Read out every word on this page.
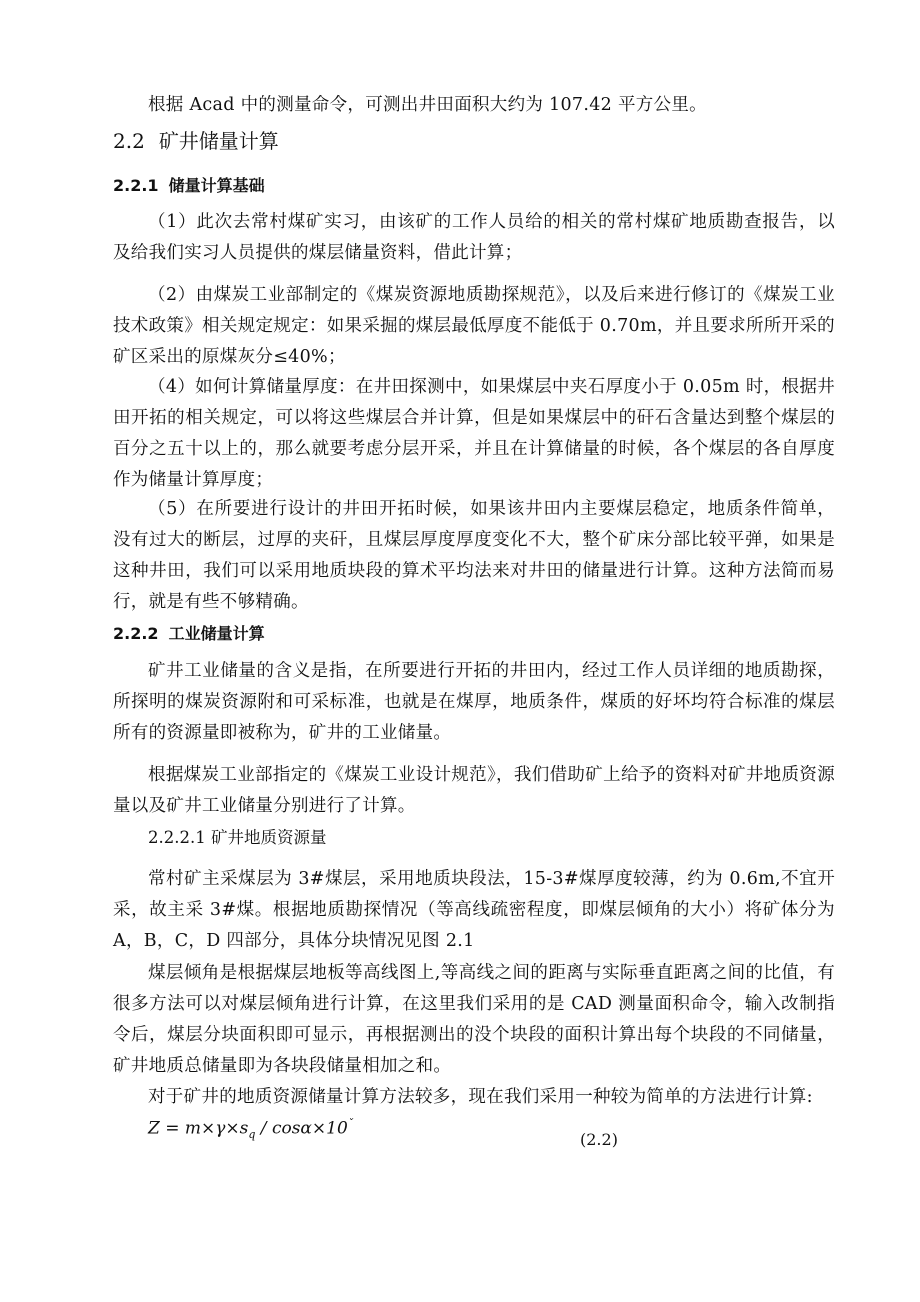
根据 Acad 中的测量命令，可测出井田面积大约为 107.42 平方公里。

2.2 矿井储量计算
2.2.1 储量计算基础

（1）此次去常村煤矿实习，由该矿的工作人员给的相关的常村煤矿地质勘查报告，以及给我们实习人员提供的煤层储量资料，借此计算；

（2）由煤炭工业部制定的《煤炭资源地质勘探规范》，以及后来进行修订的《煤炭工业技术政策》相关规定规定：如果采掘的煤层最低厚度不能低于 0.70m，并且要求所所开采的矿区采出的原煤灰分≤40%；

（4）如何计算储量厚度：在井田探测中，如果煤层中夹石厚度小于 0.05m 时，根据井田开拓的相关规定，可以将这些煤层合并计算，但是如果煤层中的矸石含量达到整个煤层的百分之五十以上的，那么就要考虑分层开采，并且在计算储量的时候，各个煤层的各自厚度作为储量计算厚度；

（5）在所要进行设计的井田开拓时候，如果该井田内主要煤层稳定，地质条件简单，没有过大的断层，过厚的夹矸，且煤层厚度厚度变化不大，整个矿床分部比较平弹，如果是这种井田，我们可以采用地质块段的算术平均法来对井田的储量进行计算。这种方法简而易行，就是有些不够精确。

2.2.2 工业储量计算

矿井工业储量的含义是指，在所要进行开拓的井田内，经过工作人员详细的地质勘探，所探明的煤炭资源附和可采标准，也就是在煤厚，地质条件，煤质的好坏均符合标准的煤层所有的资源量即被称为，矿井的工业储量。

根据煤炭工业部指定的《煤炭工业设计规范》，我们借助矿上给予的资料对矿井地质资源量以及矿井工业储量分别进行了计算。

2.2.2.1 矿井地质资源量

常村矿主采煤层为 3#煤层，采用地质块段法，15-3#煤厚度较薄，约为 0.6m,不宜开采，故主采 3#煤。根据地质勘探情况（等高线疏密程度，即煤层倾角的大小）将矿体分为 A，B，C，D 四部分，具体分块情况见图 2.1

煤层倾角是根据煤层地板等高线图上,等高线之间的距离与实际垂直距离之间的比值，有很多方法可以对煤层倾角进行计算，在这里我们采用的是 CAD 测量面积命令，输入改制指令后，煤层分块面积即可显示，再根据测出的没个块段的面积计算出每个块段的不同储量，矿井地质总储量即为各块段储量相加之和。

对于矿井的地质资源储量计算方法较多，现在我们采用一种较为简单的方法进行计算:

$Z = m\times\gamma\times s_q / \cos\alpha\times 10^ˇ$
(2.2)
